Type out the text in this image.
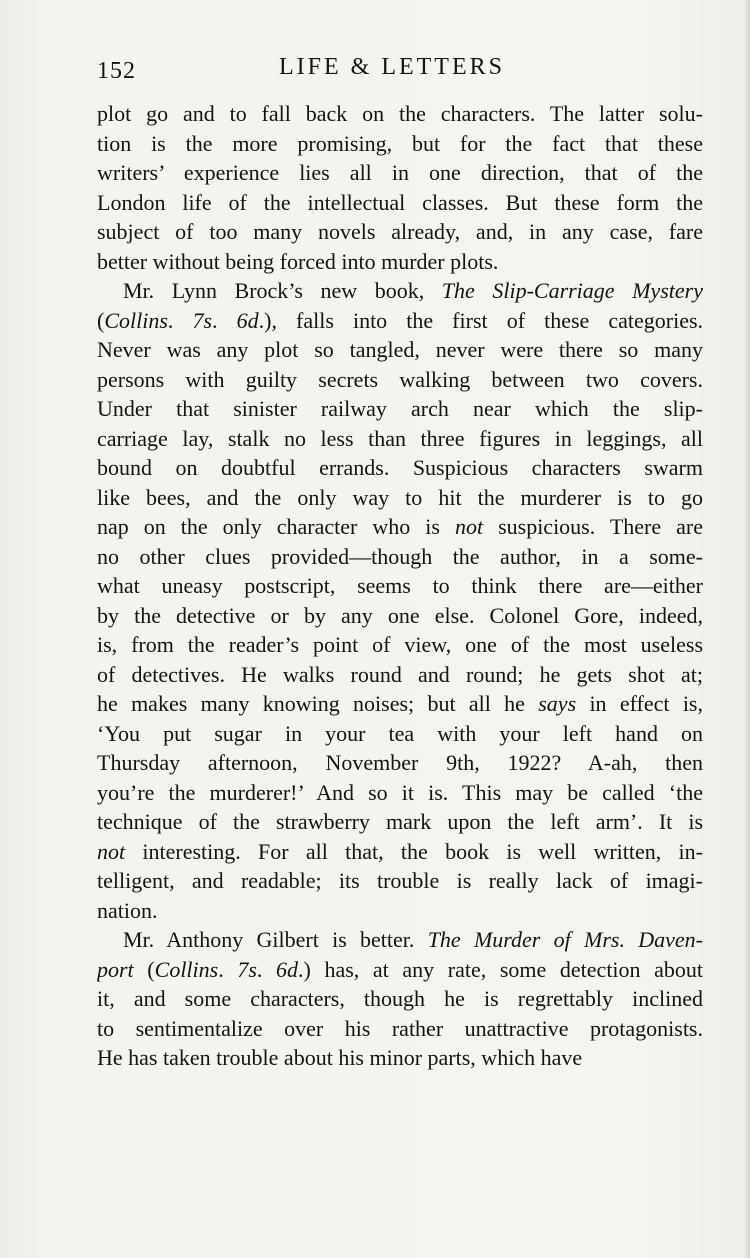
152	LIFE & LETTERS
plot go and to fall back on the characters. The latter solu-
tion is the more promising, but for the fact that these
writers’ experience lies all in one direction, that of the
London life of the intellectual classes. But these form the
subject of too many novels already, and, in any case, fare
better without being forced into murder plots.
Mr. Lynn Brock’s new book, The Slip-Carriage Mystery
(Collins. 7s. 6d.), falls into the first of these categories.
Never was any plot so tangled, never were there so many
persons with guilty secrets walking between two covers.
Under that sinister railway arch near which the slip-
carriage lay, stalk no less than three figures in leggings, all
bound on doubtful errands. Suspicious characters swarm
like bees, and the only way to hit the murderer is to go
nap on the only character who is not suspicious. There are
no other clues provided—though the author, in a some-
what uneasy postscript, seems to think there are—either
by the detective or by any one else. Colonel Gore, indeed,
is, from the reader’s point of view, one of the most useless
of detectives. He walks round and round; he gets shot at;
he makes many knowing noises; but all he says in effect is,
‘You put sugar in your tea with your left hand on
Thursday afternoon, November 9th, 1922? A-ah, then
you’re the murderer!’ And so it is. This may be called ‘the
technique of the strawberry mark upon the left arm’. It is
not interesting. For all that, the book is well written, in-
telligent, and readable; its trouble is really lack of imagi-
nation.
Mr. Anthony Gilbert is better. The Murder of Mrs. Daven-
port (Collins. 7s. 6d.) has, at any rate, some detection about
it, and some characters, though he is regrettably inclined
to sentimentalize over his rather unattractive protagonists.
He has taken trouble about his minor parts, which have
